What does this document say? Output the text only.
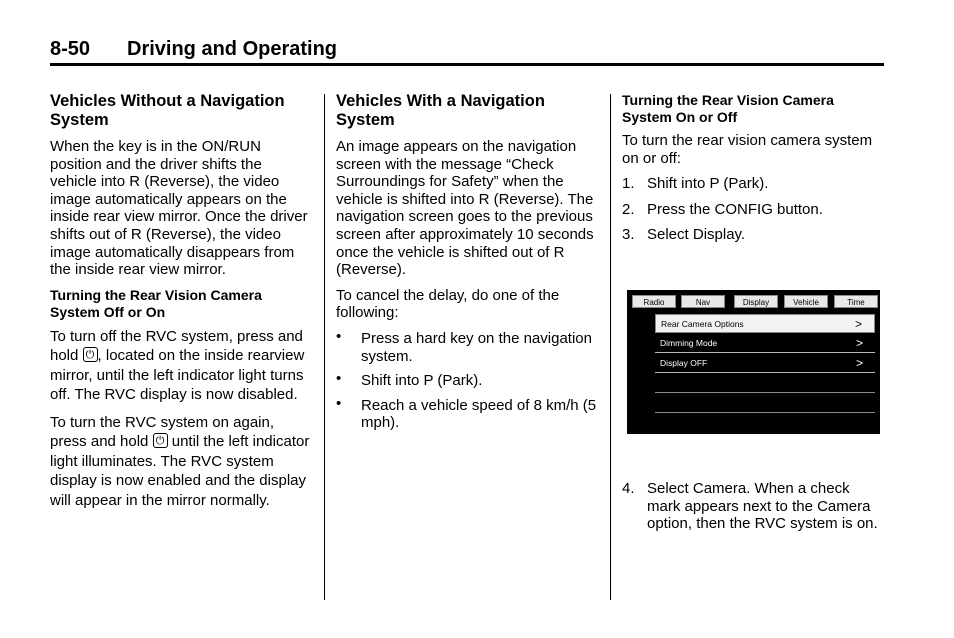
8-50 Driving and Operating
Vehicles Without a Navigation System

When the key is in the ON/RUN position and the driver shifts the vehicle into R (Reverse), the video image automatically appears on the inside rear view mirror. Once the driver shifts out of R (Reverse), the video image automatically disappears from the inside rear view mirror.

Turning the Rear Vision Camera System Off or On

To turn off the RVC system, press and hold ⏻ , located on the inside rearview mirror, until the left indicator light turns off. The RVC display is now disabled.

To turn the RVC system on again, press and hold ⏻ until the left indicator light illuminates. The RVC system display is now enabled and the display will appear in the mirror normally.

Vehicles With a Navigation System

An image appears on the navigation screen with the message “Check Surroundings for Safety” when the vehicle is shifted into R (Reverse). The navigation screen goes to the previous screen after approximately 10 seconds once the vehicle is shifted out of R (Reverse).

To cancel the delay, do one of the following:

• Press a hard key on the navigation system.
• Shift into P (Park).
• Reach a vehicle speed of 8 km/h (5 mph).
Turning the Rear Vision Camera System On or Off

To turn the rear vision camera system on or off:

1. Shift into P (Park).
2. Press the CONFIG button.
3. Select Display.
Radio	Nav	Display	Vehicle	Time
Rear Camera Options	>
Dimming Mode	>
Display OFF	>
4. Select Camera. When a check mark appears next to the Camera option, then the RVC system is on.
